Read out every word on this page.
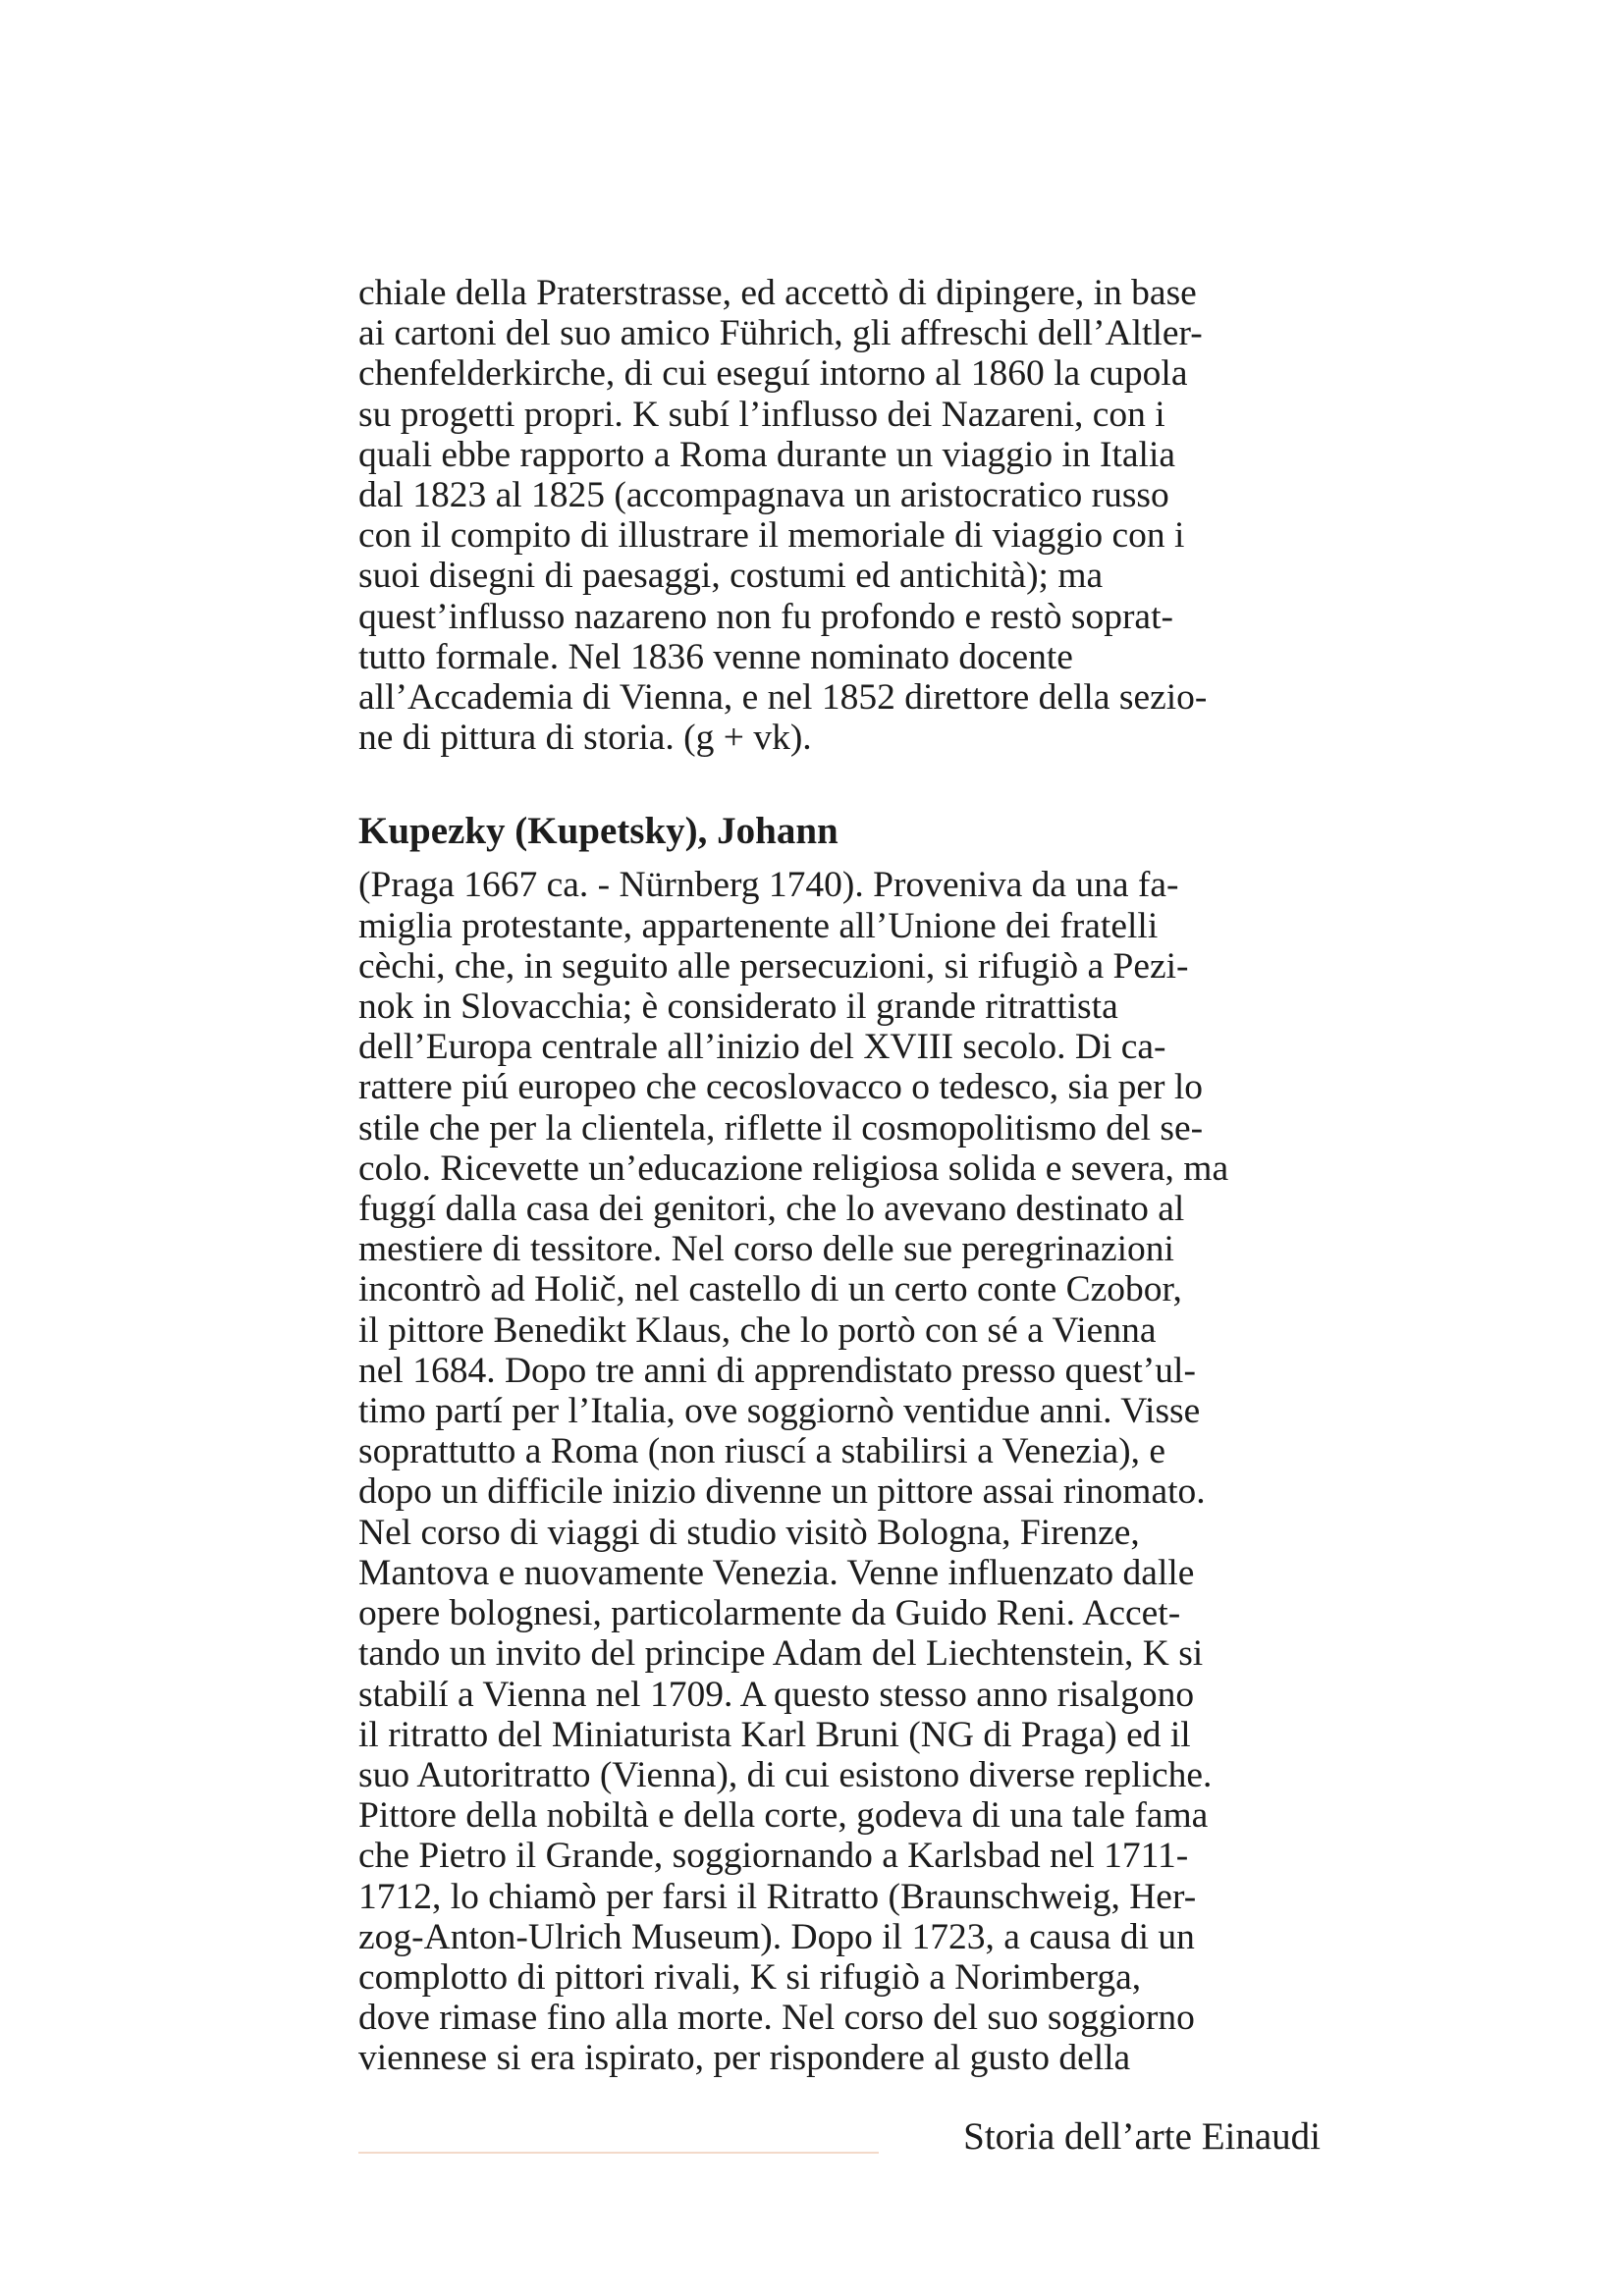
chiale della Praterstrasse, ed accettò di dipingere, in base
ai cartoni del suo amico Führich, gli affreschi dell’Altler-
chenfelderkirche, di cui eseguí intorno al 1860 la cupola
su progetti propri. K subí l’influsso dei Nazareni, con i
quali ebbe rapporto a Roma durante un viaggio in Italia
dal 1823 al 1825 (accompagnava un aristocratico russo
con il compito di illustrare il memoriale di viaggio con i
suoi disegni di paesaggi, costumi ed antichità); ma
quest’influsso nazareno non fu profondo e restò soprat-
tutto formale. Nel 1836 venne nominato docente
all’Accademia di Vienna, e nel 1852 direttore della sezio-
ne di pittura di storia. (g + vk).

Kupezky (Kupetsky), Johann

(Praga 1667 ca. - Nürnberg 1740). Proveniva da una fa-
miglia protestante, appartenente all’Unione dei fratelli
cèchi, che, in seguito alle persecuzioni, si rifugiò a Pezi-
nok in Slovacchia; è considerato il grande ritrattista
dell’Europa centrale all’inizio del XVIII secolo. Di ca-
rattere piú europeo che cecoslovacco o tedesco, sia per lo
stile che per la clientela, riflette il cosmopolitismo del se-
colo. Ricevette un’educazione religiosa solida e severa, ma
fuggí dalla casa dei genitori, che lo avevano destinato al
mestiere di tessitore. Nel corso delle sue peregrinazioni
incontrò ad Holič, nel castello di un certo conte Czobor,
il pittore Benedikt Klaus, che lo portò con sé a Vienna
nel 1684. Dopo tre anni di apprendistato presso quest’ul-
timo partí per l’Italia, ove soggiornò ventidue anni. Visse
soprattutto a Roma (non riuscí a stabilirsi a Venezia), e
dopo un difficile inizio divenne un pittore assai rinomato.
Nel corso di viaggi di studio visitò Bologna, Firenze,
Mantova e nuovamente Venezia. Venne influenzato dalle
opere bolognesi, particolarmente da Guido Reni. Accet-
tando un invito del principe Adam del Liechtenstein, K si
stabilí a Vienna nel 1709. A questo stesso anno risalgono
il ritratto del Miniaturista Karl Bruni (NG di Praga) ed il
suo Autoritratto (Vienna), di cui esistono diverse repliche.
Pittore della nobiltà e della corte, godeva di una tale fama
che Pietro il Grande, soggiornando a Karlsbad nel 1711-
1712, lo chiamò per farsi il Ritratto (Braunschweig, Her-
zog-Anton-Ulrich Museum). Dopo il 1723, a causa di un
complotto di pittori rivali, K si rifugiò a Norimberga,
dove rimase fino alla morte. Nel corso del suo soggiorno
viennese si era ispirato, per rispondere al gusto della

Storia dell’arte Einaudi
